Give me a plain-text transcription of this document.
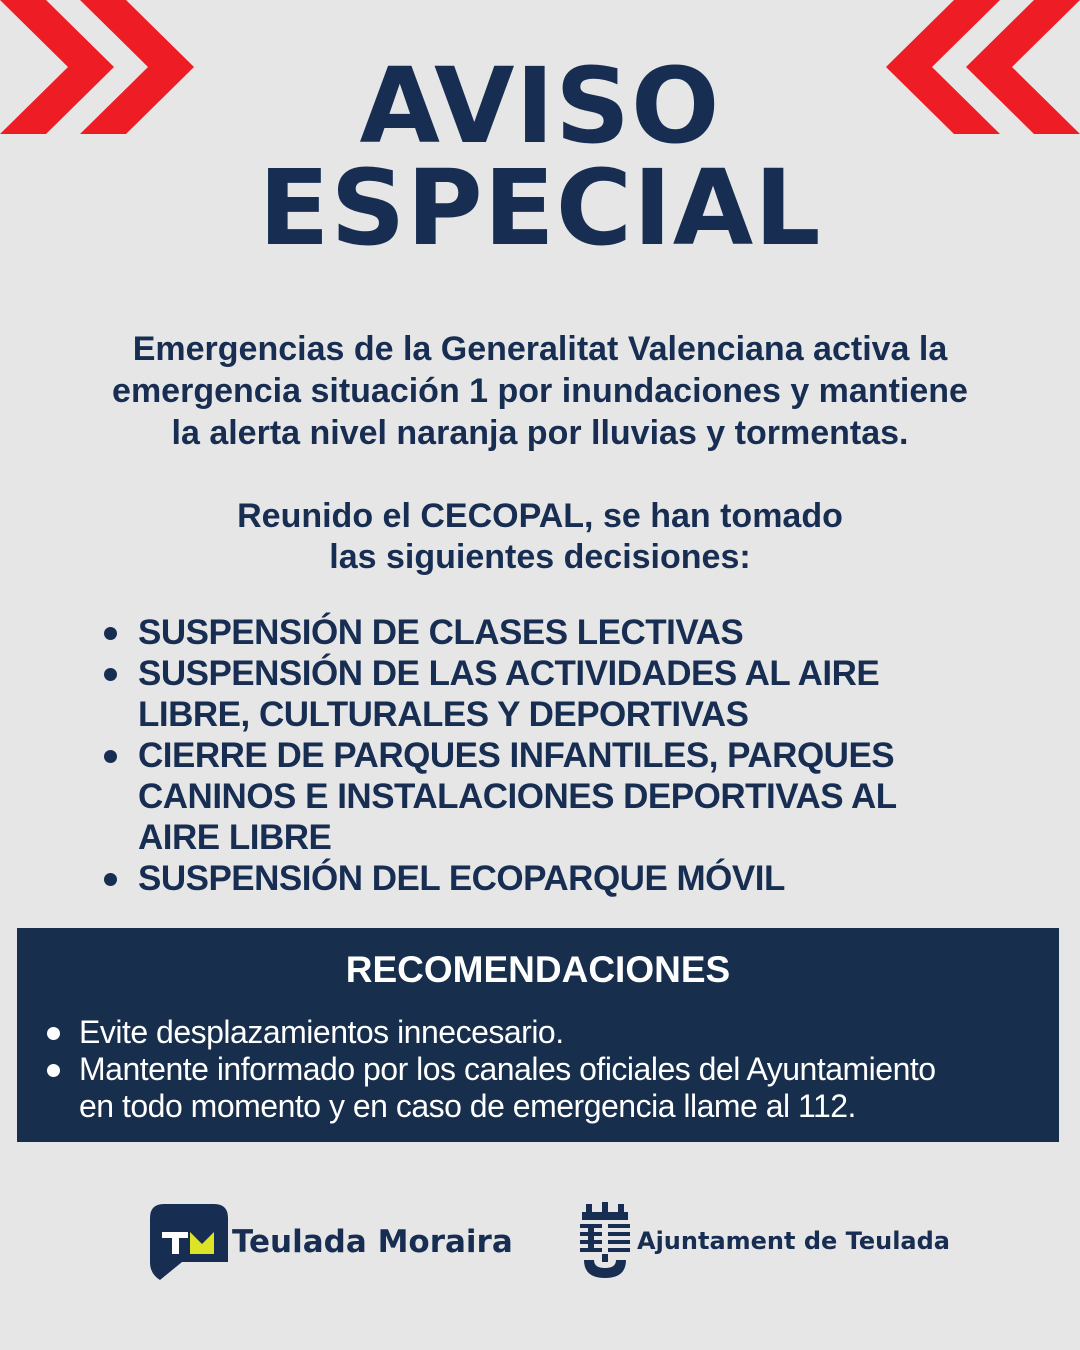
AVISO
ESPECIAL

Emergencias de la Generalitat Valenciana activa la
emergencia situación 1 por inundaciones y mantiene
la alerta nivel naranja por lluvias y tormentas.

Reunido el CECOPAL, se han tomado
las siguientes decisiones:

SUSPENSIÓN DE CLASES LECTIVAS
SUSPENSIÓN DE LAS ACTIVIDADES AL AIRE
LIBRE, CULTURALES Y DEPORTIVAS
CIERRE DE PARQUES INFANTILES, PARQUES
CANINOS E INSTALACIONES DEPORTIVAS AL
AIRE LIBRE
SUSPENSIÓN DEL ECOPARQUE MÓVIL
RECOMENDACIONES
Evite desplazamientos innecesario.
Mantente informado por los canales oficiales del Ayuntamiento
en todo momento y en caso de emergencia llame al 112.
Teulada Moraira	Ajuntament de Teulada
